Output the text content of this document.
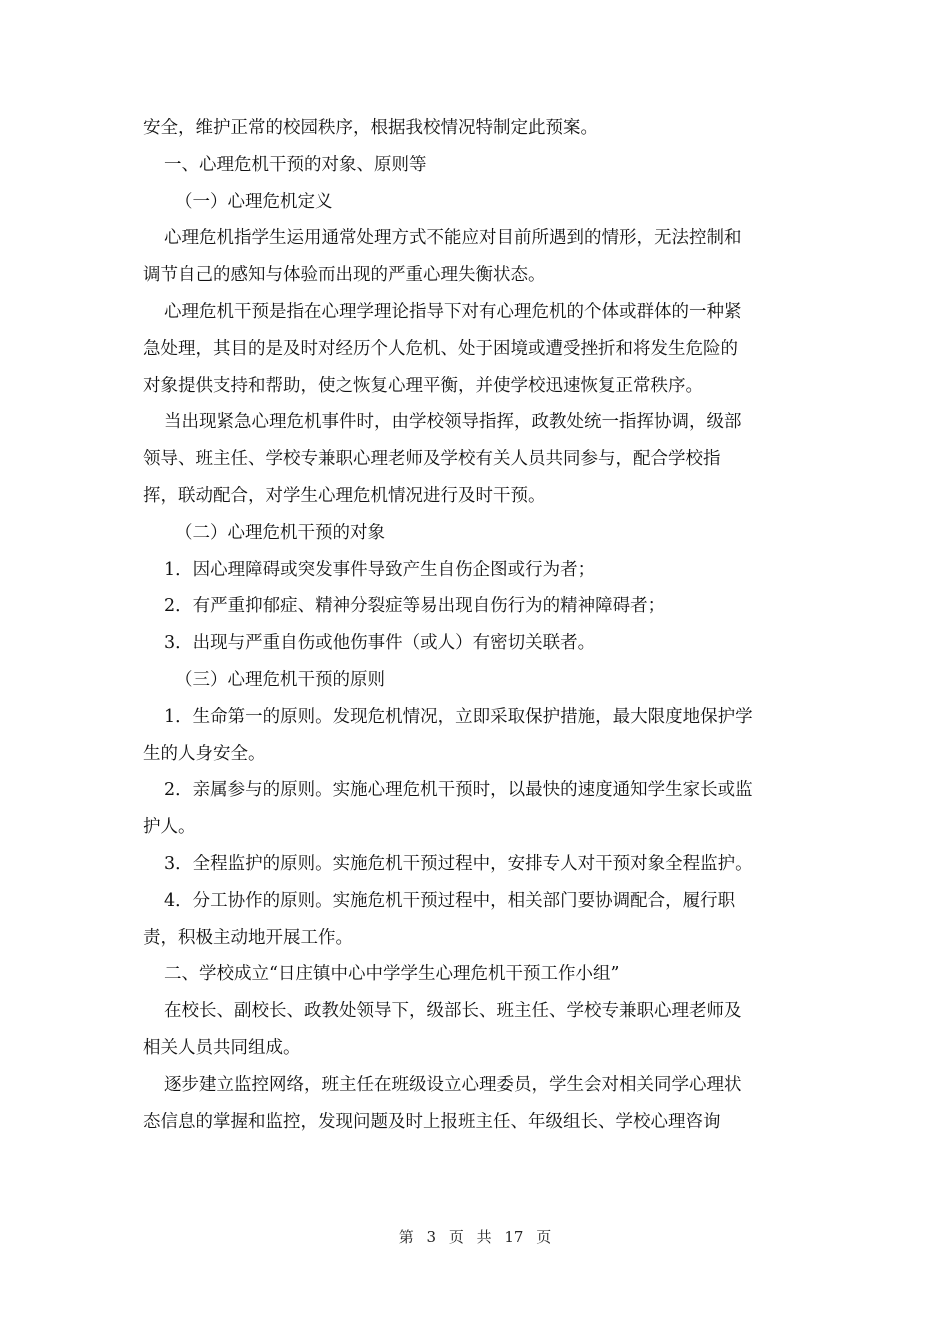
安全，维护正常的校园秩序，根据我校情况特制定此预案。
一、心理危机干预的对象、原则等
（一）心理危机定义
心理危机指学生运用通常处理方式不能应对目前所遇到的情形，无法控制和
调节自己的感知与体验而出现的严重心理失衡状态。
心理危机干预是指在心理学理论指导下对有心理危机的个体或群体的一种紧
急处理，其目的是及时对经历个人危机、处于困境或遭受挫折和将发生危险的
对象提供支持和帮助，使之恢复心理平衡，并使学校迅速恢复正常秩序。
当出现紧急心理危机事件时，由学校领导指挥，政教处统一指挥协调，级部
领导、班主任、学校专兼职心理老师及学校有关人员共同参与，配合学校指
挥，联动配合，对学生心理危机情况进行及时干预。
（二）心理危机干预的对象
1．因心理障碍或突发事件导致产生自伤企图或行为者；
2．有严重抑郁症、精神分裂症等易出现自伤行为的精神障碍者；
3．出现与严重自伤或他伤事件（或人）有密切关联者。
（三）心理危机干预的原则
1．生命第一的原则。发现危机情况，立即采取保护措施，最大限度地保护学
生的人身安全。
2．亲属参与的原则。实施心理危机干预时，以最快的速度通知学生家长或监
护人。
3．全程监护的原则。实施危机干预过程中，安排专人对干预对象全程监护。
4．分工协作的原则。实施危机干预过程中，相关部门要协调配合，履行职
责，积极主动地开展工作。
二、学校成立“日庄镇中心中学学生心理危机干预工作小组”
在校长、副校长、政教处领导下，级部长、班主任、学校专兼职心理老师及
相关人员共同组成。
逐步建立监控网络，班主任在班级设立心理委员，学生会对相关同学心理状
态信息的掌握和监控，发现问题及时上报班主任、年级组长、学校心理咨询
第 3 页 共 17 页
